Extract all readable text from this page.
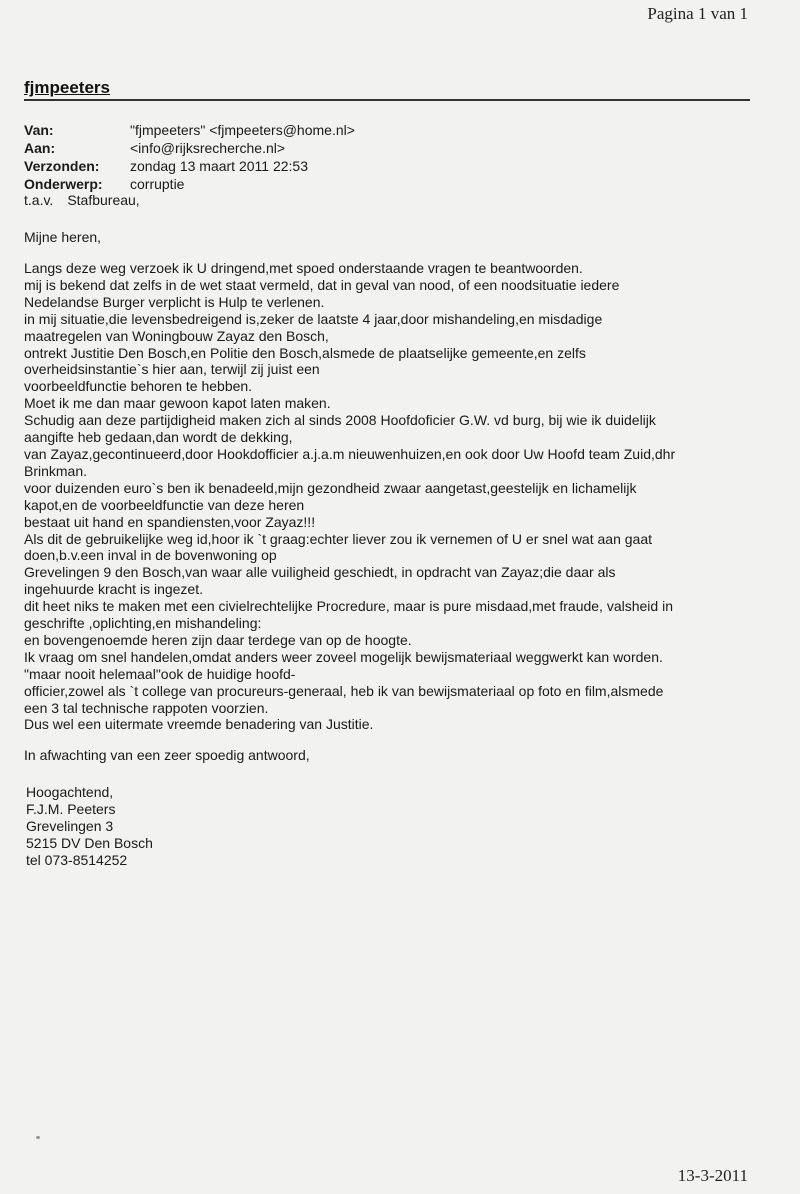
Pagina 1 van 1
fjmpeeters
Van:	"fjmpeeters" <fjmpeeters@home.nl>
Aan:	<info@rijksrecherche.nl>
Verzonden:	zondag 13 maart 2011 22:53
Onderwerp:	corruptie
t.a.v. Stafbureau,
Mijne heren,
Langs deze weg verzoek ik U dringend,met spoed onderstaande vragen te beantwoorden.
mij is bekend dat zelfs in de wet staat vermeld, dat in geval van nood, of een noodsituatie iedere
Nedelandse Burger verplicht is Hulp te verlenen.
in mij situatie,die levensbedreigend is,zeker de laatste 4 jaar,door mishandeling,en misdadige
maatregelen van Woningbouw Zayaz den Bosch,
ontrekt Justitie Den Bosch,en Politie den Bosch,alsmede de plaatselijke gemeente,en zelfs
overheidsinstantie`s hier aan, terwijl zij juist een
voorbeeldfunctie behoren te hebben.
Moet ik me dan maar gewoon kapot laten maken.
Schudig aan deze partijdigheid maken zich al sinds 2008 Hoofdoficier G.W. vd burg, bij wie ik duidelijk
aangifte heb gedaan,dan wordt de dekking,
van Zayaz,gecontinueerd,door Hookdofficier a.j.a.m nieuwenhuizen,en ook door Uw Hoofd team Zuid,dhr
Brinkman.
voor duizenden euro`s ben ik benadeeld,mijn gezondheid zwaar aangetast,geestelijk en lichamelijk
kapot,en de voorbeeldfunctie van deze heren
bestaat uit hand en spandiensten,voor Zayaz!!!
Als dit de gebruikelijke weg id,hoor ik `t graag:echter liever zou ik vernemen of U er snel wat aan gaat
doen,b.v.een inval in de bovenwoning op
Grevelingen 9 den Bosch,van waar alle vuiligheid geschiedt, in opdracht van Zayaz;die daar als
ingehuurde kracht is ingezet.
dit heet niks te maken met een civielrechtelijke Procredure, maar is pure misdaad,met fraude, valsheid in
geschrifte ,oplichting,en mishandeling:
en bovengenoemde heren zijn daar terdege van op de hoogte.
Ik vraag om snel handelen,omdat anders weer zoveel mogelijk bewijsmateriaal weggwerkt kan worden.
"maar nooit helemaal"ook de huidige hoofd-
officier,zowel als `t college van procureurs-generaal, heb ik van bewijsmateriaal op foto en film,alsmede
een 3 tal technische rappoten voorzien.
Dus wel een uitermate vreemde benadering van Justitie.
In afwachting van een zeer spoedig antwoord,
Hoogachtend,
F.J.M. Peeters
Grevelingen 3
5215 DV Den Bosch
tel 073-8514252
13-3-2011
